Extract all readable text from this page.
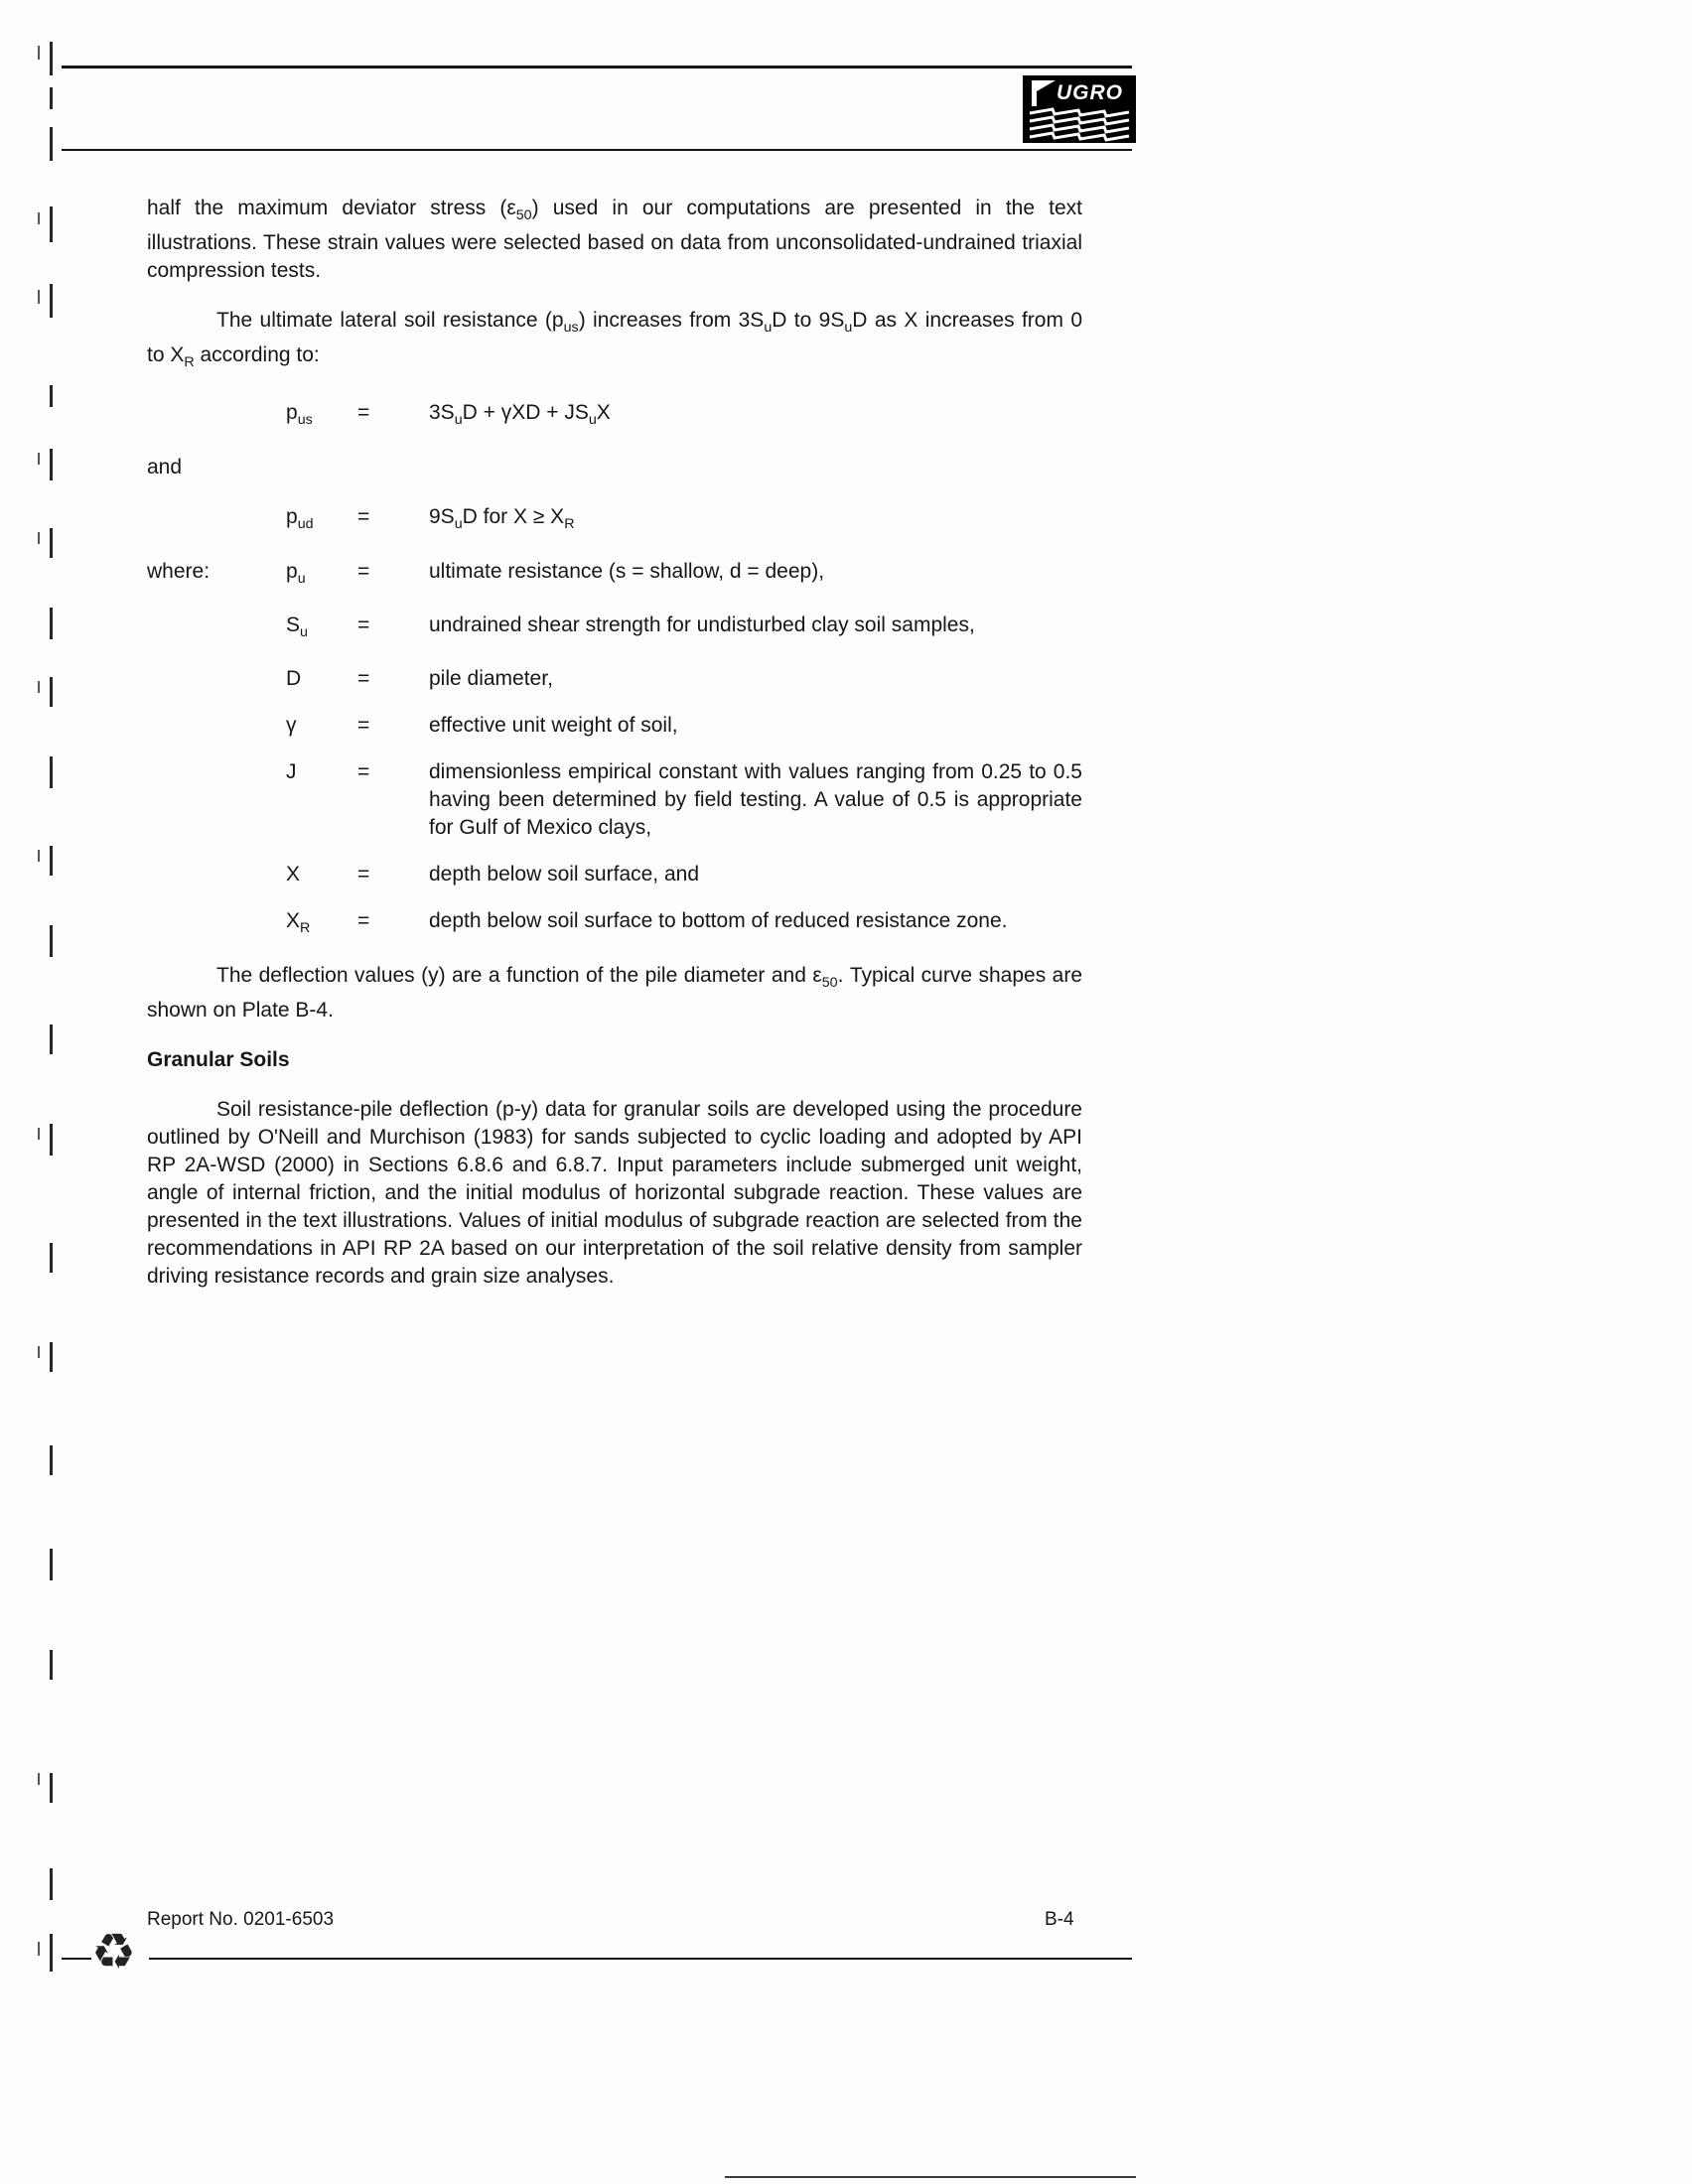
UGRO

half the maximum deviator stress $(\varepsilon_{50})$ used in our computations are presented in the text illustrations. These strain values were selected based on data from unconsolidated-undrained triaxial compression tests.

The ultimate lateral soil resistance $(p_{us})$ increases from $3S_uD$ to $9S_uD$ as X increases from 0 to $X_R$ according to:

$p_{us}$	=	$3S_uD + \gamma XD + JS_uX$

and

$p_{ud}$	=	$9S_uD$ for $X \ge X_R$
where:	$p_u$	=	ultimate resistance (s = shallow, d = deep),
$S_u$	=	undrained shear strength for undisturbed clay soil samples,
D	=	pile diameter,
γ	=	effective unit weight of soil,
J	=	dimensionless empirical constant with values ranging from 0.25 to 0.5 having been determined by field testing. A value of 0.5 is appropriate for Gulf of Mexico clays,
X	=	depth below soil surface, and
$X_R$	=	depth below soil surface to bottom of reduced resistance zone.

The deflection values (y) are a function of the pile diameter and $\varepsilon_{50}$. Typical curve shapes are shown on Plate B-4.

Granular Soils

Soil resistance-pile deflection (p-y) data for granular soils are developed using the procedure outlined by O'Neill and Murchison (1983) for sands subjected to cyclic loading and adopted by API RP 2A-WSD (2000) in Sections 6.8.6 and 6.8.7. Input parameters include submerged unit weight, angle of internal friction, and the initial modulus of horizontal subgrade reaction. These values are presented in the text illustrations. Values of initial modulus of subgrade reaction are selected from the recommendations in API RP 2A based on our interpretation of the soil relative density from sampler driving resistance records and grain size analyses.

♻
Report No. 0201-6503	B-4
